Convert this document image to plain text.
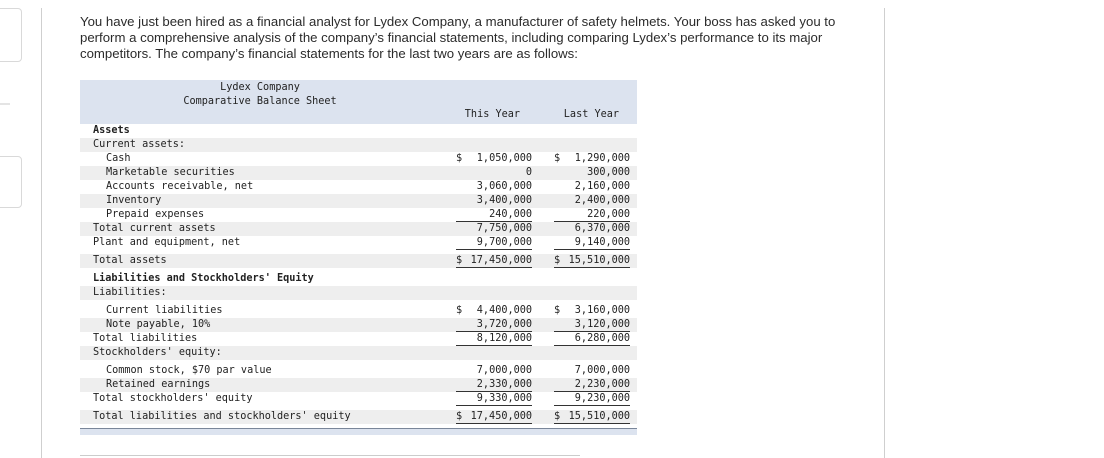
You have just been hired as a financial analyst for Lydex Company, a manufacturer of safety helmets. Your boss has asked you to perform a comprehensive analysis of the company’s financial statements, including comparing Lydex’s performance to its major competitors. The company’s financial statements for the last two years are as follows:

Lydex Company
Comparative Balance Sheet
This Year	Last Year
Assets
Current assets:
Cash	$ 1,050,000 $ 1,290,000
Marketable securities	0	300,000
Accounts receivable, net	3,060,000	2,160,000
Inventory	3,400,000	2,400,000
Prepaid expenses	240,000	220,000
Total current assets	7,750,000	6,370,000
Plant and equipment, net	9,700,000	9,140,000
Total assets	$ 17,450,000 $ 15,510,000
Liabilities and Stockholders' Equity
Liabilities:
Current liabilities	$ 4,400,000 $ 3,160,000
Note payable, 10%	3,720,000	3,120,000
Total liabilities	8,120,000	6,280,000
Stockholders' equity:
Common stock, $70 par value	7,000,000	7,000,000
Retained earnings	2,330,000	2,230,000
Total stockholders' equity	9,330,000	9,230,000
Total liabilities and stockholders' equity	$ 17,450,000 $ 15,510,000
